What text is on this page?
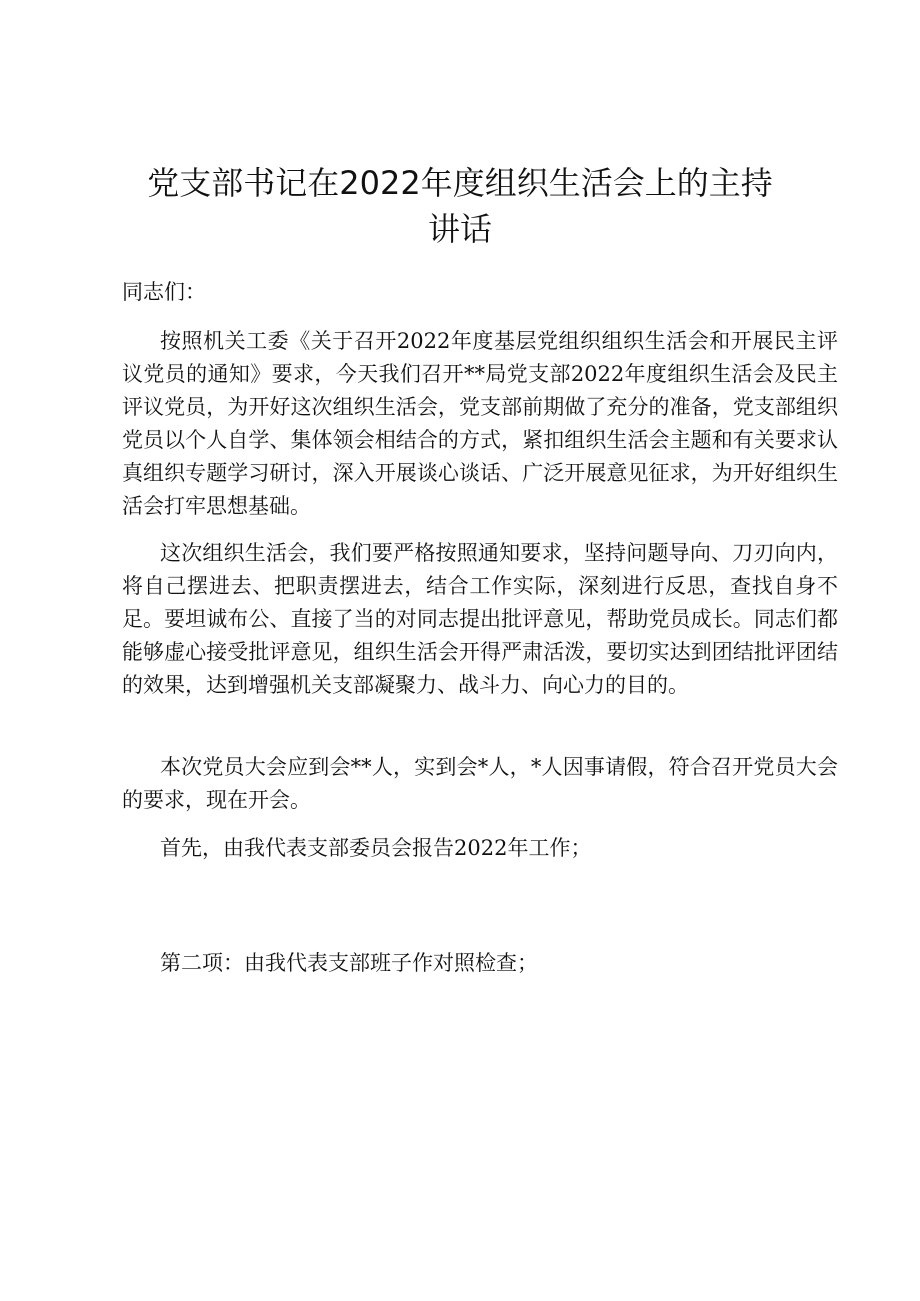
党支部书记在2022年度组织生活会上的主持
讲话

同志们：

按照机关工委《关于召开2022年度基层党组织组织生活会和开展民主评议党员的通知》要求，今天我们召开**局党支部2022年度组织生活会及民主评议党员，为开好这次组织生活会，党支部前期做了充分的准备，党支部组织党员以个人自学、集体领会相结合的方式，紧扣组织生活会主题和有关要求认真组织专题学习研讨，深入开展谈心谈话、广泛开展意见征求，为开好组织生活会打牢思想基础。

这次组织生活会，我们要严格按照通知要求，坚持问题导向、刀刃向内，将自己摆进去、把职责摆进去，结合工作实际，深刻进行反思，查找自身不足。要坦诚布公、直接了当的对同志提出批评意见，帮助党员成长。同志们都能够虚心接受批评意见，组织生活会开得严肃活泼，要切实达到团结批评团结的效果，达到增强机关支部凝聚力、战斗力、向心力的目的。

本次党员大会应到会**人，实到会*人，*人因事请假，符合召开党员大会的要求，现在开会。

首先，由我代表支部委员会报告2022年工作；

第二项：由我代表支部班子作对照检查；
